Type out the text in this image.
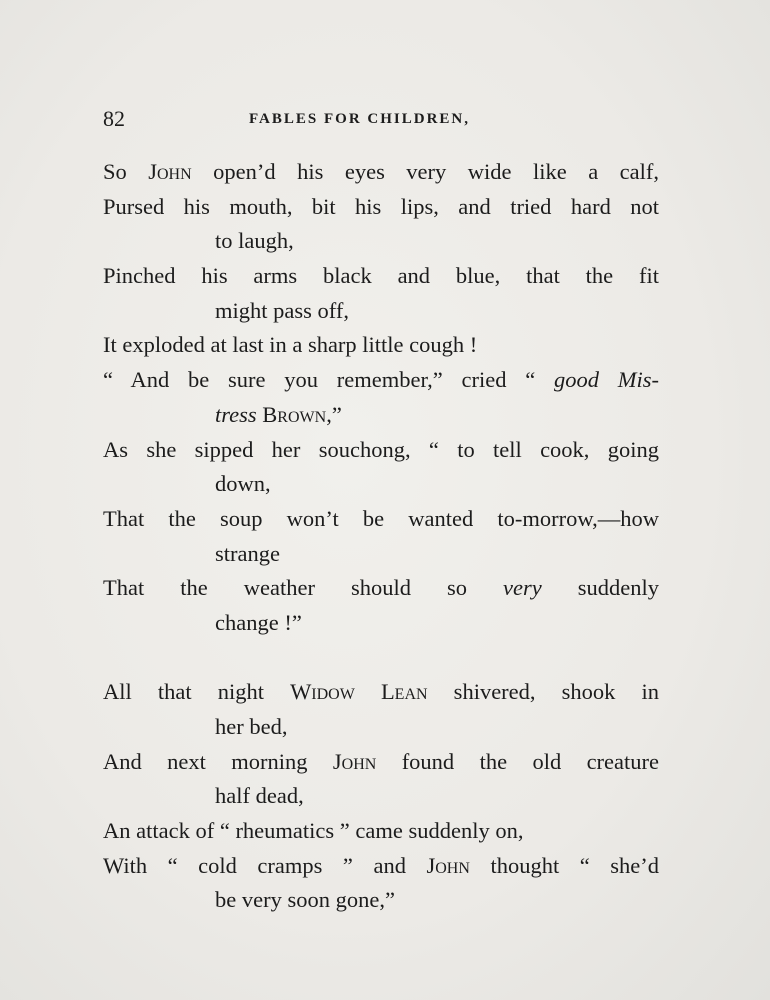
82	FABLES FOR CHILDREN,
So John open’d his eyes very wide like a calf,
Pursed his mouth, bit his lips, and tried hard not
to laugh,
Pinched his arms black and blue, that the fit
might pass off,
It exploded at last in a sharp little cough !
“ And be sure you remember,” cried “ good Mis-
tress Brown,”
As she sipped her souchong, “ to tell cook, going
down,
That the soup won’t be wanted to-morrow,—how
strange
That the weather should so very suddenly
change !”
All that night Widow Lean shivered, shook in
her bed,
And next morning John found the old creature
half dead,
An attack of “ rheumatics ” came suddenly on,
With “ cold cramps ” and John thought “ she’d
be very soon gone,”
